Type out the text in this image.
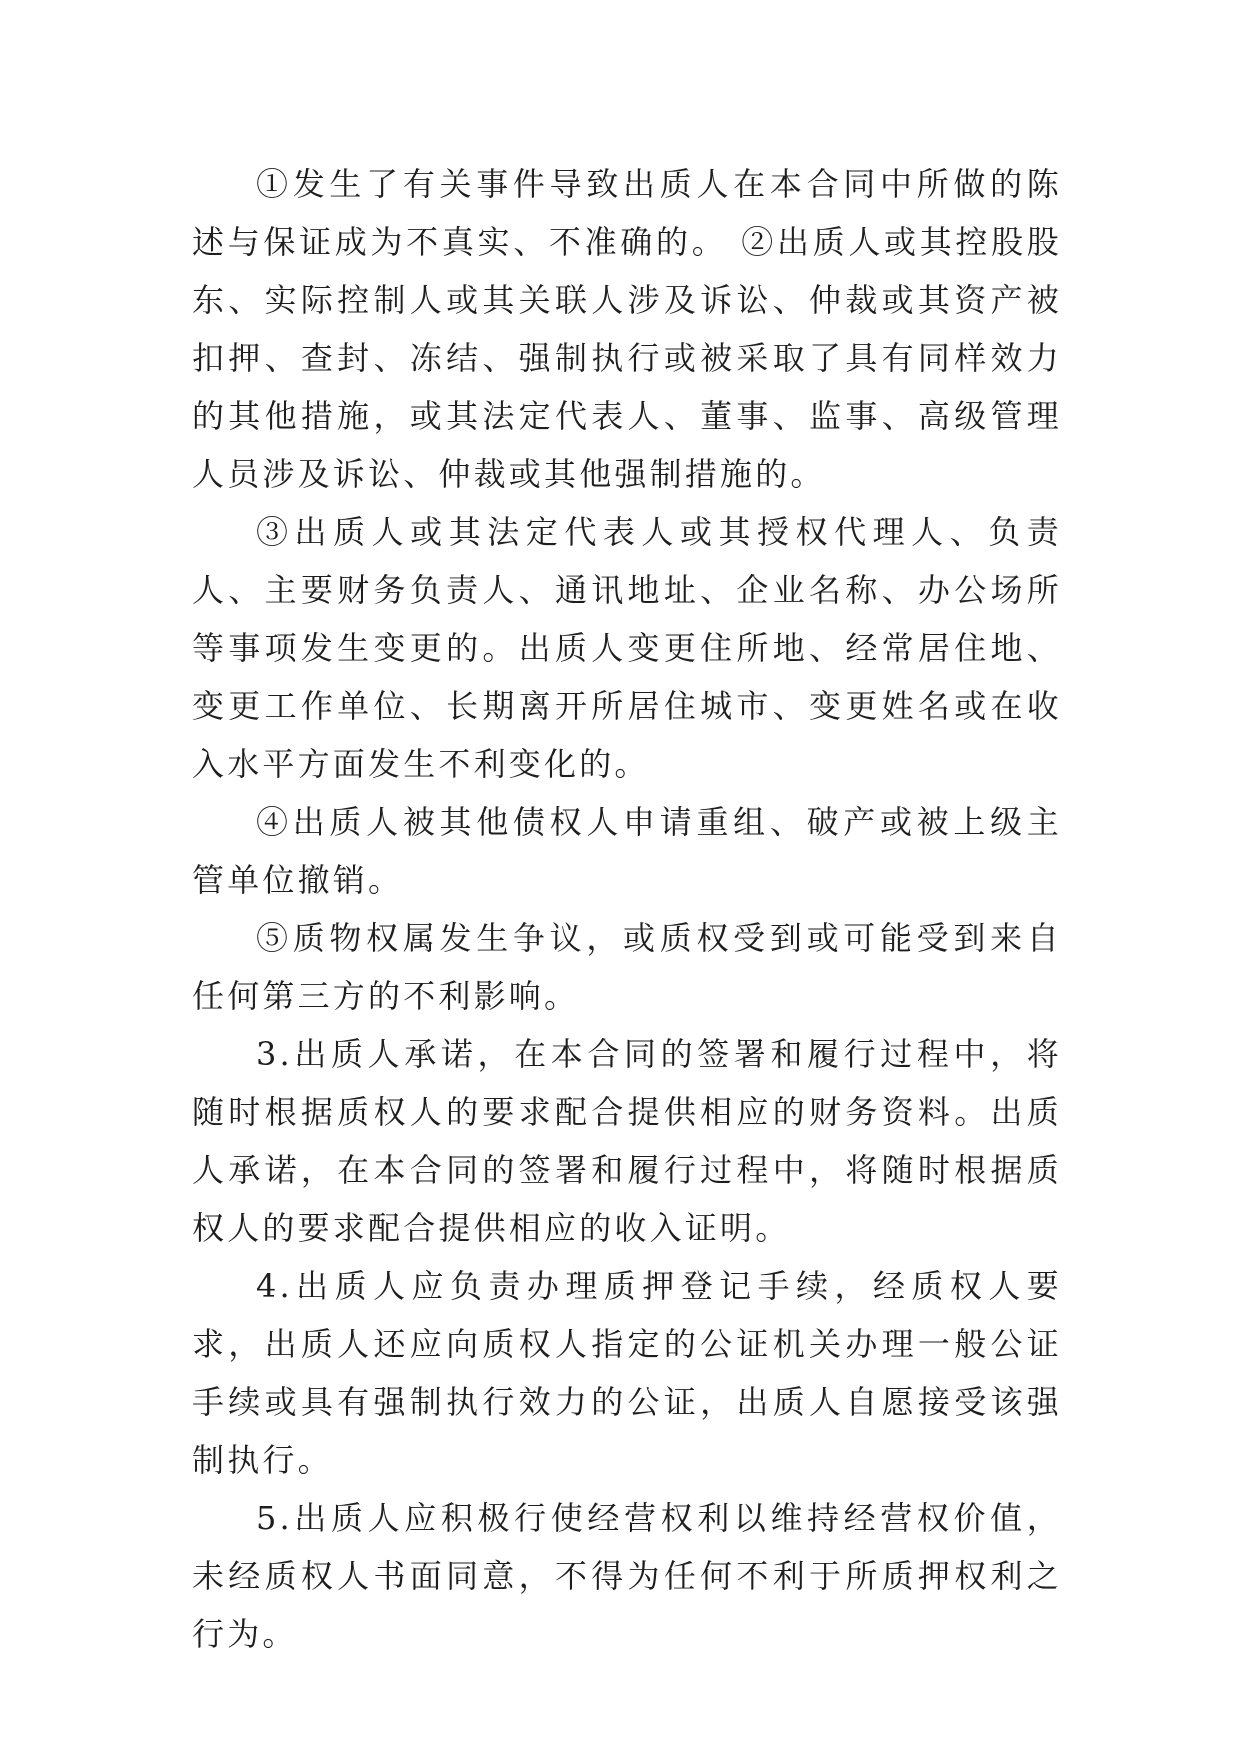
①发生了有关事件导致出质人在本合同中所做的陈述与保证成为不真实、不准确的。 ②出质人或其控股股东、实际控制人或其关联人涉及诉讼、仲裁或其资产被扣押、查封、冻结、强制执行或被采取了具有同样效力的其他措施，或其法定代表人、董事、监事、高级管理人员涉及诉讼、仲裁或其他强制措施的。

③出质人或其法定代表人或其授权代理人、负责人、主要财务负责人、通讯地址、企业名称、办公场所等事项发生变更的。出质人变更住所地、经常居住地、变更工作单位、长期离开所居住城市、变更姓名或在收入水平方面发生不利变化的。

④出质人被其他债权人申请重组、破产或被上级主管单位撤销。

⑤质物权属发生争议，或质权受到或可能受到来自任何第三方的不利影响。

3.出质人承诺，在本合同的签署和履行过程中，将随时根据质权人的要求配合提供相应的财务资料。出质人承诺，在本合同的签署和履行过程中，将随时根据质权人的要求配合提供相应的收入证明。

4.出质人应负责办理质押登记手续，经质权人要求，出质人还应向质权人指定的公证机关办理一般公证手续或具有强制执行效力的公证，出质人自愿接受该强制执行。

5.出质人应积极行使经营权利以维持经营权价值，未经质权人书面同意，不得为任何不利于所质押权利之行为。
